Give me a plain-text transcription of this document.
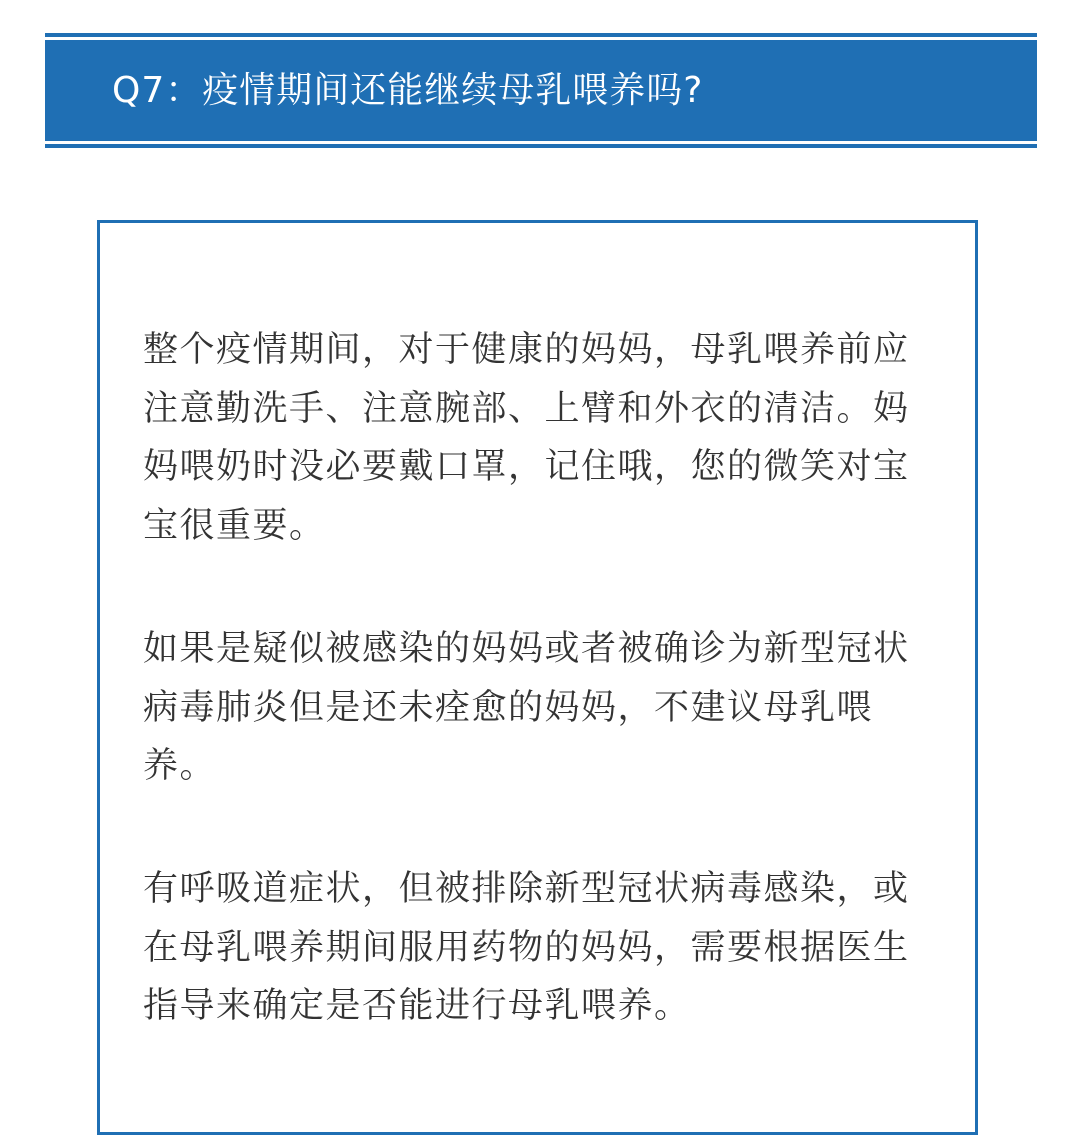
Q7：疫情期间还能继续母乳喂养吗?

整个疫情期间，对于健康的妈妈，母乳喂养前应注意勤洗手、注意腕部、上臂和外衣的清洁。妈妈喂奶时没必要戴口罩，记住哦，您的微笑对宝宝很重要。

如果是疑似被感染的妈妈或者被确诊为新型冠状病毒肺炎但是还未痊愈的妈妈，不建议母乳喂养。

有呼吸道症状，但被排除新型冠状病毒感染，或在母乳喂养期间服用药物的妈妈，需要根据医生指导来确定是否能进行母乳喂养。
